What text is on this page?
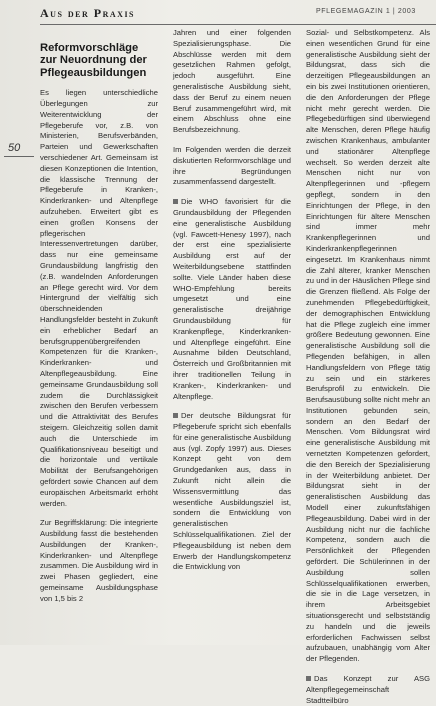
Aus der Praxis	PFLEGEMAGAZIN 1 | 2003
50
Reformvorschläge zur Neuordnung der Pflegeausbildungen

Es liegen unterschiedliche Überlegungen zur Weiterentwicklung der Pflegeberufe vor, z.B. von Ministerien, Berufsverbänden, Parteien und Gewerkschaften verschiedener Art. Gemeinsam ist diesen Konzeptionen die Intention, die klassische Trennung der Pflegeberufe in Kranken-, Kinderkranken- und Altenpflege aufzuheben. Erweitert gibt es einen großen Konsens der pflegerischen Interessenvertretungen darüber, dass nur eine gemeinsame Grundausbildung langfristig den (z.B. wandelnden Anforderungen an Pflege gerecht wird. Vor dem Hintergrund der vielfältig sich überschneidenden Handlungsfelder besteht in Zukunft ein erheblicher Bedarf an berufsgruppenübergreifenden Kompetenzen für die Kranken-, Kinderkranken- und Altenpflegeausbildung. Eine gemeinsame Grundausbildung soll zudem die Durchlässigkeit zwischen den Berufen verbessern und die Attraktivität des Berufes steigern. Gleichzeitig sollen damit auch die Unterschiede im Qualifikationsniveau beseitigt und die horizontale und vertikale Mobilität der Berufsangehörigen gefördert sowie Chancen auf dem europäischen Arbeitsmarkt erhöht werden.

Zur Begriffsklärung: Die integrierte Ausbildung fasst die bestehenden Ausbildungen der Kranken-, Kinderkranken- und Altenpflege zusammen. Die Ausbildung wird in zwei Phasen gegliedert, eine gemeinsame Ausbildungsphase von 1,5 bis 2

Jahren und einer folgenden Spezialisierungsphase. Die Abschlüsse werden mit dem gesetzlichen Rahmen gefolgt, jedoch ausgeführt. Eine generalistische Ausbildung sieht, dass der Beruf zu einem neuen Beruf zusammengeführt wird, mit einem Abschluss ohne eine Berufsbezeichnung.

Im Folgenden werden die derzeit diskutierten Reformvorschläge und ihre Begründungen zusammenfassend dargestellt.

Die WHO favorisiert für die Grundausbildung der Pflegenden eine generalistische Ausbildung (vgl. Fawcett-Henesy 1997), nach der erst eine spezialisierte Ausbildung erst auf der Weiterbildungsebene stattfinden sollte. Viele Länder haben diese WHO-Empfehlung bereits umgesetzt und eine generalistische dreijährige Grundausbildung für Krankenpflege, Kinderkranken- und Altenpflege eingeführt. Eine Ausnahme bilden Deutschland, Österreich und Großbritannien mit ihrer traditionellen Teilung in Kranken-, Kinderkranken- und Altenpflege.

Der deutsche Bildungsrat für Pflegeberufe spricht sich ebenfalls für eine generalistische Ausbildung aus (vgl. Zopfy 1997) aus. Dieses Konzept geht von dem Grundgedanken aus, dass in Zukunft nicht allein die Wissensvermittlung das wesentliche Ausbildungsziel ist, sondern die Entwicklung von generalistischen Schlüsselqualifikationen. Ziel der Pflegeausbildung ist neben dem Erwerb der Handlungskompetenz die Entwicklung von

Sozial- und Selbstkompetenz. Als einen wesentlichen Grund für eine generalistische Ausbildung sieht der Bildungsrat, dass sich die derzeitigen Pflegeausbildungen an ein bis zwei Institutionen orientieren, die den Anforderungen der Pflege nicht mehr gerecht werden. Die Pflegebedürftigen sind überwiegend alte Menschen, deren Pflege häufig zwischen Krankenhaus, ambulanter und stationärer Altenpflege wechselt. So werden derzeit alte Menschen nicht nur von Altenpflegerinnen und -pflegern gepflegt, sondern in den Einrichtungen der Pflege, in den Einrichtungen für ältere Menschen sind immer mehr Krankenpflegerinnen und Kinderkrankenpflegerinnen eingesetzt. Im Krankenhaus nimmt die Zahl älterer, kranker Menschen zu und in der Häuslichen Pflege sind die Grenzen fließend. Als Folge der zunehmenden Pflegebedürftigkeit, der demographischen Entwicklung hat die Pflege zugleich eine immer größere Bedeutung gewonnen. Eine generalistische Ausbildung soll die Pflegenden befähigen, in allen Handlungsfeldern von Pflege tätig zu sein und ein stärkeres Berufsprofil zu entwickeln. Die Berufsausübung sollte nicht mehr an Institutionen gebunden sein, sondern an den Bedarf der Menschen. Vom Bildungsrat wird eine generalistische Ausbildung mit vernetzten Kompetenzen gefordert, die den Bereich der Spezialisierung in der Weiterbildung anbietet. Der Bildungsrat sieht in der generalistischen Ausbildung das Modell einer zukunftsfähigen Pflegeausbildung. Dabei wird in der Ausbildung nicht nur die fachliche Kompetenz, sondern auch die Persönlichkeit der Pflegenden gefördert. Die Schülerinnen in der Ausbildung sollen Schlüsselqualifikationen erwerben, die sie in die Lage versetzen, in ihrem Arbeitsgebiet situationsgerecht und selbstständig zu handeln und die jeweils erforderlichen Fachwissen selbst aufzubauen, unabhängig vom Alter der Pflegenden.

Das Konzept zur ASG Altenpflegegemeinschaft Stadtteilbüro
